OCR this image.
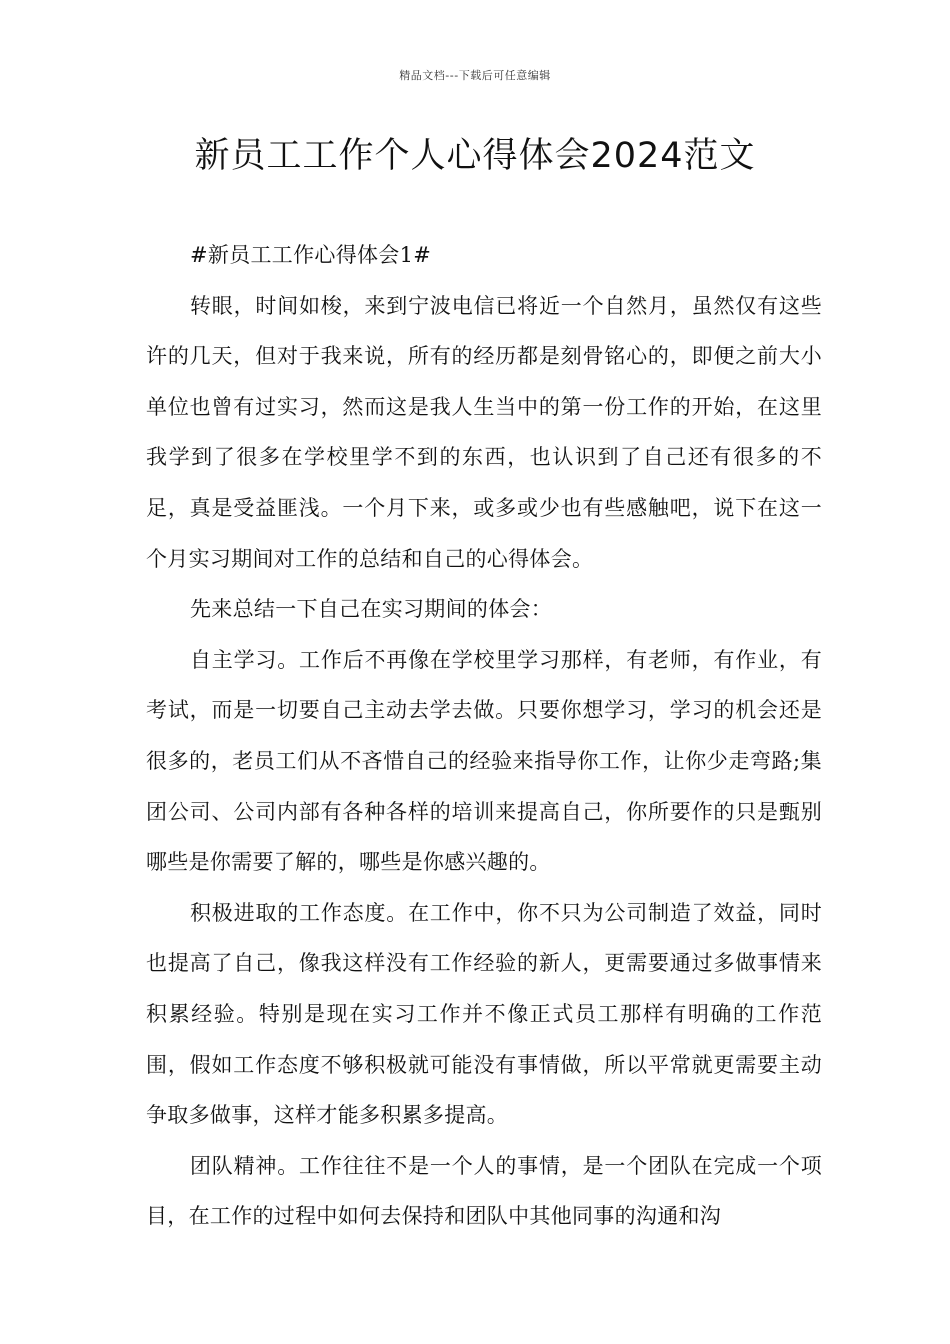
精品文档---下载后可任意编辑
新员工工作个人心得体会2024范文

#新员工工作心得体会1#

转眼，时间如梭，来到宁波电信已将近一个自然月，虽然仅有这些许的几天，但对于我来说，所有的经历都是刻骨铭心的，即便之前大小单位也曾有过实习，然而这是我人生当中的第一份工作的开始，在这里我学到了很多在学校里学不到的东西，也认识到了自己还有很多的不足，真是受益匪浅。一个月下来，或多或少也有些感触吧，说下在这一个月实习期间对工作的总结和自己的心得体会。

先来总结一下自己在实习期间的体会：

自主学习。工作后不再像在学校里学习那样，有老师，有作业，有考试，而是一切要自己主动去学去做。只要你想学习，学习的机会还是很多的，老员工们从不吝惜自己的经验来指导你工作，让你少走弯路;集团公司、公司内部有各种各样的培训来提高自己，你所要作的只是甄别哪些是你需要了解的，哪些是你感兴趣的。

积极进取的工作态度。在工作中，你不只为公司制造了效益，同时也提高了自己，像我这样没有工作经验的新人，更需要通过多做事情来积累经验。特别是现在实习工作并不像正式员工那样有明确的工作范围，假如工作态度不够积极就可能没有事情做，所以平常就更需要主动争取多做事，这样才能多积累多提高。

团队精神。工作往往不是一个人的事情，是一个团队在完成一个项目，在工作的过程中如何去保持和团队中其他同事的沟通和沟
